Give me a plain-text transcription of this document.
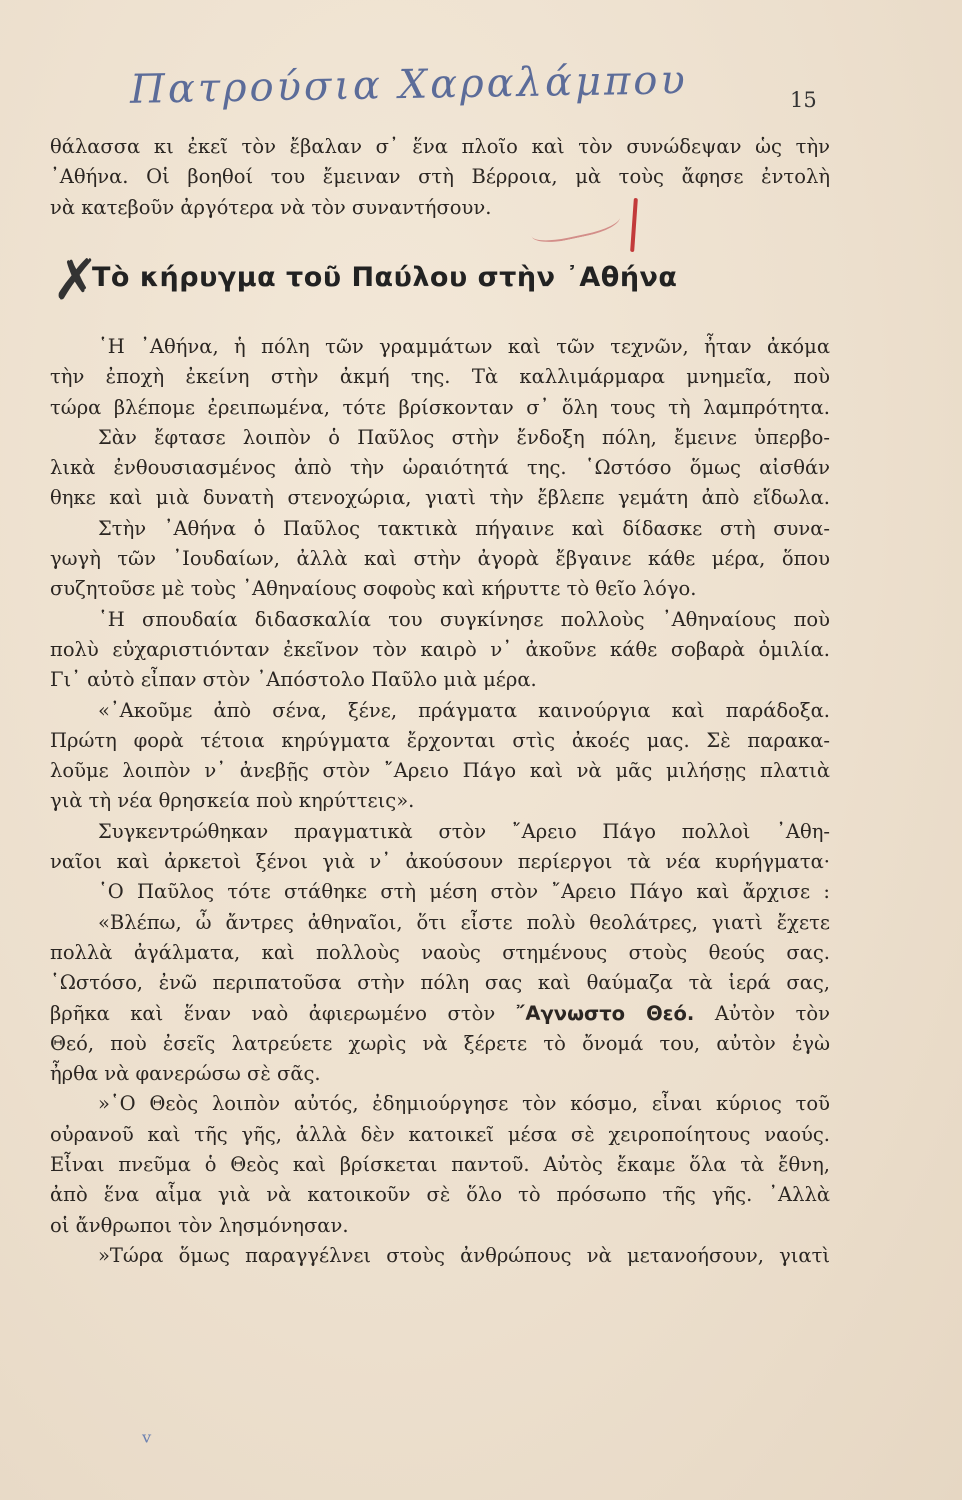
Πατρούσια Χαραλάμπου	15
✗
ᵛ
θάλασσα κι ἐκεῖ τὸν ἔβαλαν σ᾽ ἕνα πλοῖο καὶ τὸν συνώδεψαν ὡς τὴν
᾽Αθήνα. Οἱ βοηθοί του ἔμειναν στὴ Βέρροια, μὰ τοὺς ἄφησε ἐντολὴ
νὰ κατεβοῦν ἀργότερα νὰ τὸν συναντήσουν.
Τὸ κήρυγμα τοῦ Παύλου στὴν ᾽Αθήνα
῾Η ᾽Αθήνα, ἡ πόλη τῶν γραμμάτων καὶ τῶν τεχνῶν, ἦταν ἀκόμα
τὴν ἐποχὴ ἐκείνη στὴν ἀκμή της. Τὰ καλλιμάρμαρα μνημεῖα, ποὺ
τώρα βλέπομε ἐρειπωμένα, τότε βρίσκονταν σ᾽ ὅλη τους τὴ λαμπρότητα.
Σὰν ἔφτασε λοιπὸν ὁ Παῦλος στὴν ἔνδοξη πόλη, ἔμεινε ὑπερβο-
λικὰ ἐνθουσιασμένος ἀπὸ τὴν ὡραιότητά της. ῾Ωστόσο ὅμως αἰσθάν
θηκε καὶ μιὰ δυνατὴ στενοχώρια, γιατὶ τὴν ἔβλεπε γεμάτη ἀπὸ εἴδωλα.
Στὴν ᾽Αθήνα ὁ Παῦλος τακτικὰ πήγαινε καὶ δίδασκε στὴ συνα-
γωγὴ τῶν ᾽Ιουδαίων, ἀλλὰ καὶ στὴν ἀγορὰ ἔβγαινε κάθε μέρα, ὅπου
συζητοῦσε μὲ τοὺς ᾽Αθηναίους σοφοὺς καὶ κήρυττε τὸ θεῖο λόγο.
῾Η σπουδαία διδασκαλία του συγκίνησε πολλοὺς ᾽Αθηναίους ποὺ
πολὺ εὐχαριστιόνταν ἐκεῖνον τὸν καιρὸ ν᾽ ἀκοῦνε κάθε σοβαρὰ ὁμιλία.
Γι᾽ αὐτὸ εἶπαν στὸν ᾽Απόστολο Παῦλο μιὰ μέρα.
«᾽Ακοῦμε ἀπὸ σένα, ξένε, πράγματα καινούργια καὶ παράδοξα.
Πρώτη φορὰ τέτοια κηρύγματα ἔρχονται στὶς ἀκοές μας. Σὲ παρακα-
λοῦμε λοιπὸν ν᾽ ἀνεβῇς στὸν ῎Αρειο Πάγο καὶ νὰ μᾶς μιλήσῃς πλατιὰ
γιὰ τὴ νέα θρησκεία ποὺ κηρύττεις».
Συγκεντρώθηκαν πραγματικὰ στὸν ῎Αρειο Πάγο πολλοὶ ᾽Αθη-
ναῖοι καὶ ἀρκετοὶ ξένοι γιὰ ν᾽ ἀκούσουν περίεργοι τὰ νέα κυρήγματα·
῾Ο Παῦλος τότε στάθηκε στὴ μέση στὸν ῎Αρειο Πάγο καὶ ἄρχισε :
«Βλέπω, ὦ ἄντρες ἀθηναῖοι, ὅτι εἶστε πολὺ θεολάτρες, γιατὶ ἔχετε
πολλὰ ἀγάλματα, καὶ πολλοὺς ναοὺς στημένους στοὺς θεούς σας.
῾Ωστόσο, ἐνῶ περιπατοῦσα στὴν πόλη σας καὶ θαύμαζα τὰ ἱερά σας,
βρῆκα καὶ ἕναν ναὸ ἀφιερωμένο στὸν ῎Αγνωστο Θεό. Αὐτὸν τὸν
Θεό, ποὺ ἐσεῖς λατρεύετε χωρὶς νὰ ξέρετε τὸ ὄνομά του, αὐτὸν ἐγὼ
ἦρθα νὰ φανερώσω σὲ σᾶς.
»῾Ο Θεὸς λοιπὸν αὐτός, ἐδημιούργησε τὸν κόσμο, εἶναι κύριος τοῦ
οὐρανοῦ καὶ τῆς γῆς, ἀλλὰ δὲν κατοικεῖ μέσα σὲ χειροποίητους ναούς.
Εἶναι πνεῦμα ὁ Θεὸς καὶ βρίσκεται παντοῦ. Αὐτὸς ἔκαμε ὅλα τὰ ἔθνη,
ἀπὸ ἕνα αἷμα γιὰ νὰ κατοικοῦν σὲ ὅλο τὸ πρόσωπο τῆς γῆς. ᾽Αλλὰ
οἱ ἄνθρωποι τὸν λησμόνησαν.
»Τώρα ὅμως παραγγέλνει στοὺς ἀνθρώπους νὰ μετανοήσουν, γιατὶ
